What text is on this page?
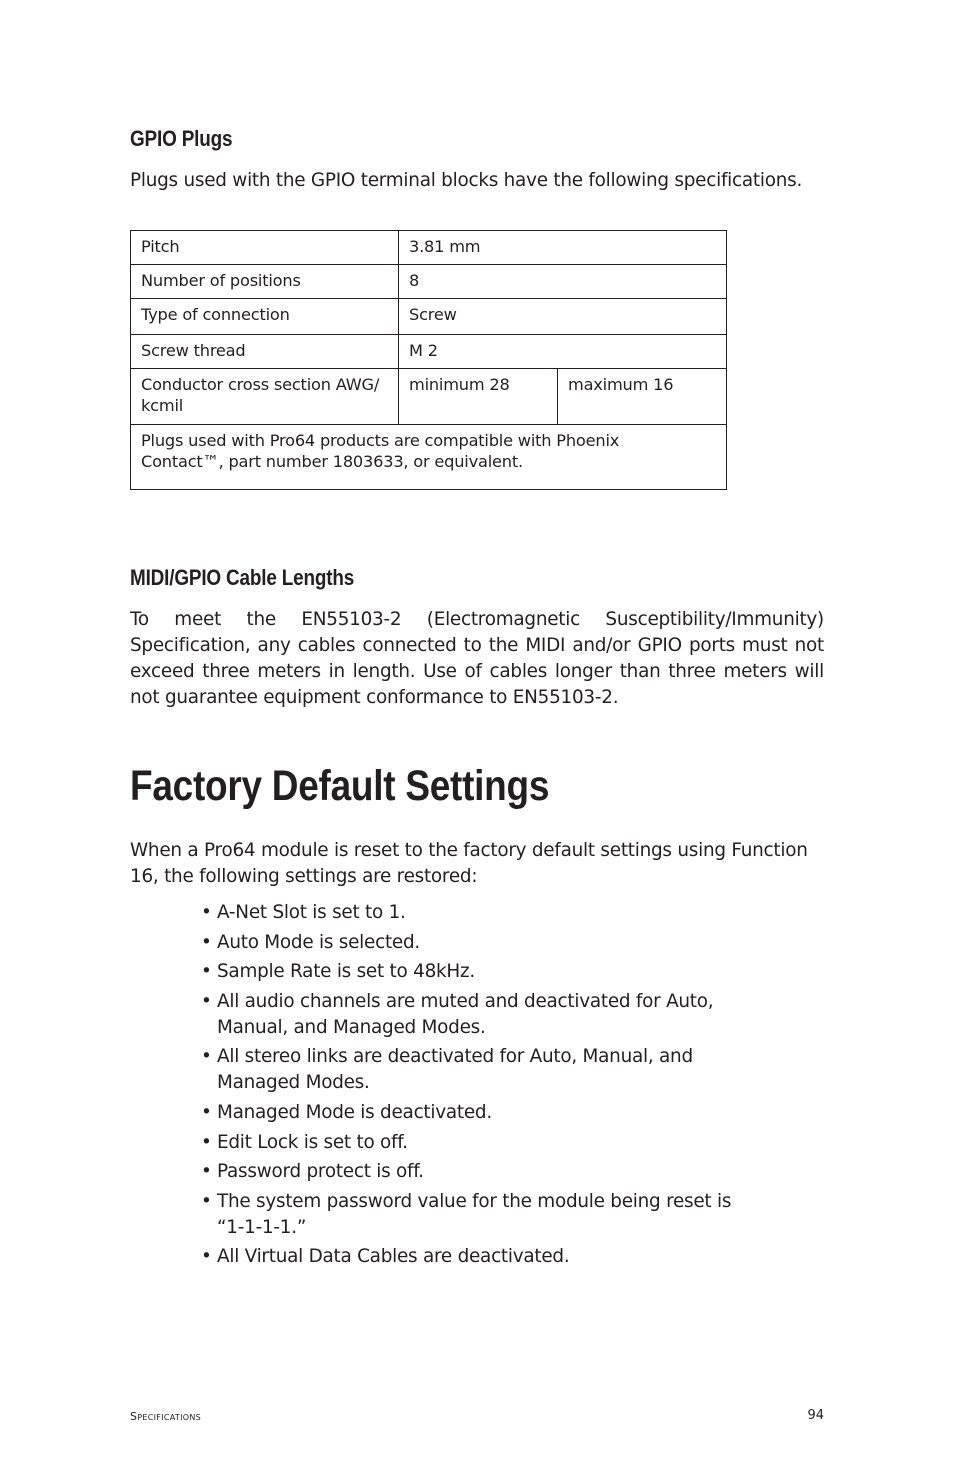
GPIO Plugs

Plugs used with the GPIO terminal blocks have the following specifications.

Pitch	3.81 mm	
Number of positions	8	
Type of connection	Screw	
Screw thread	M 2	
Conductor cross section AWG/ kcmil	minimum 28	maximum 16
Plugs used with Pro64 products are compatible with Phoenix Contact™, part number 1803633, or equivalent.		
MIDI/GPIO Cable Lengths

To meet the EN55103-2 (Electromagnetic Susceptibility/Immunity) Specification, any cables connected to the MIDI and/or GPIO ports must not exceed three meters in length. Use of cables longer than three meters will not guarantee equipment conformance to EN55103-2.

Factory Default Settings

When a Pro64 module is reset to the factory default settings using Function 16, the following settings are restored:

• A-Net Slot is set to 1.
• Auto Mode is selected.
• Sample Rate is set to 48kHz.
• All audio channels are muted and deactivated for Auto, Manual, and Managed Modes.
• All stereo links are deactivated for Auto, Manual, and Managed Modes.
• Managed Mode is deactivated.
• Edit Lock is set to off.
• Password protect is off.
• The system password value for the module being reset is “1-1-1-1.”
• All Virtual Data Cables are deactivated.

Specifications	94
